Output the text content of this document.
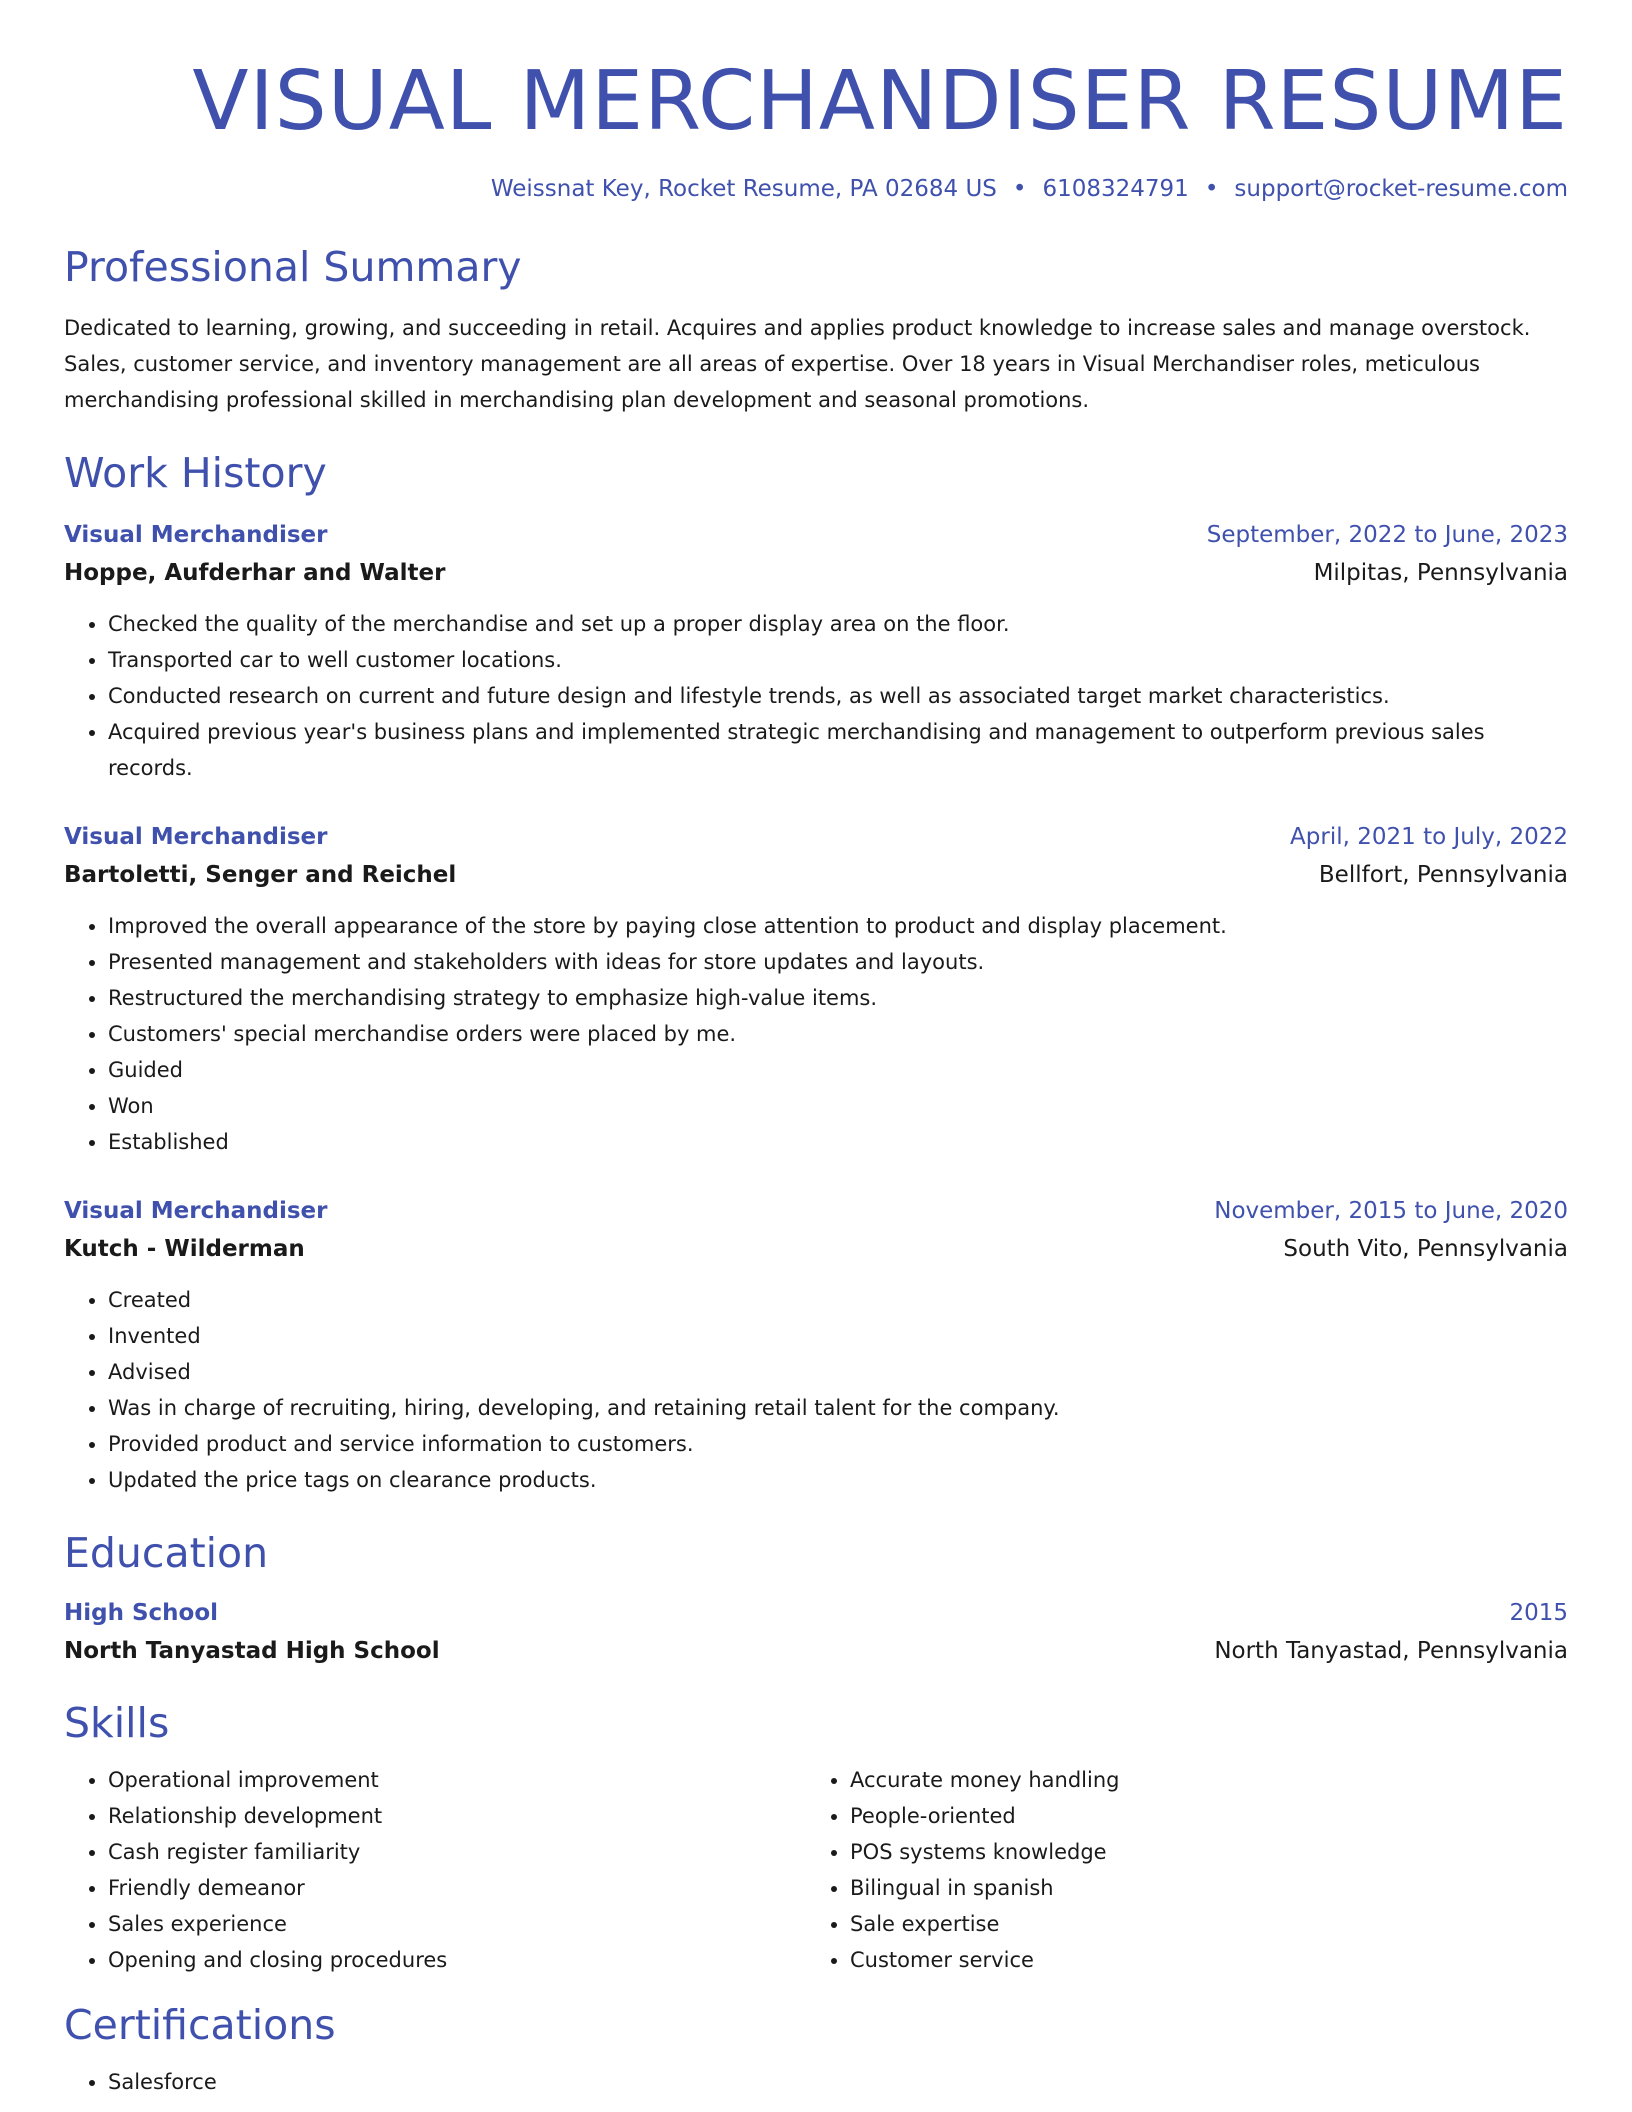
VISUAL MERCHANDISER RESUME
Weissnat Key, Rocket Resume, PA 02684 US • 6108324791 • support@rocket-resume.com
Professional Summary
Dedicated to learning, growing, and succeeding in retail. Acquires and applies product knowledge to increase sales and manage overstock. Sales, customer service, and inventory management are all areas of expertise. Over 18 years in Visual Merchandiser roles, meticulous merchandising professional skilled in merchandising plan development and seasonal promotions.
Work History
Visual Merchandiser	September, 2022 to June, 2023
Hoppe, Aufderhar and Walter	Milpitas, Pennsylvania
• Checked the quality of the merchandise and set up a proper display area on the floor.
• Transported car to well customer locations.
• Conducted research on current and future design and lifestyle trends, as well as associated target market characteristics.
• Acquired previous year's business plans and implemented strategic merchandising and management to outperform previous sales records.
Visual Merchandiser	April, 2021 to July, 2022
Bartoletti, Senger and Reichel	Bellfort, Pennsylvania
• Improved the overall appearance of the store by paying close attention to product and display placement.
• Presented management and stakeholders with ideas for store updates and layouts.
• Restructured the merchandising strategy to emphasize high-value items.
• Customers' special merchandise orders were placed by me.
• Guided
• Won
• Established
Visual Merchandiser	November, 2015 to June, 2020
Kutch - Wilderman	South Vito, Pennsylvania
• Created
• Invented
• Advised
• Was in charge of recruiting, hiring, developing, and retaining retail talent for the company.
• Provided product and service information to customers.
• Updated the price tags on clearance products.
Education
High School	2015
North Tanyastad High School	North Tanyastad, Pennsylvania
Skills
• Operational improvement
• Relationship development
• Cash register familiarity
• Friendly demeanor
• Sales experience
• Opening and closing procedures
• Accurate money handling
• People-oriented
• POS systems knowledge
• Bilingual in spanish
• Sale expertise
• Customer service
Certifications
• Salesforce
